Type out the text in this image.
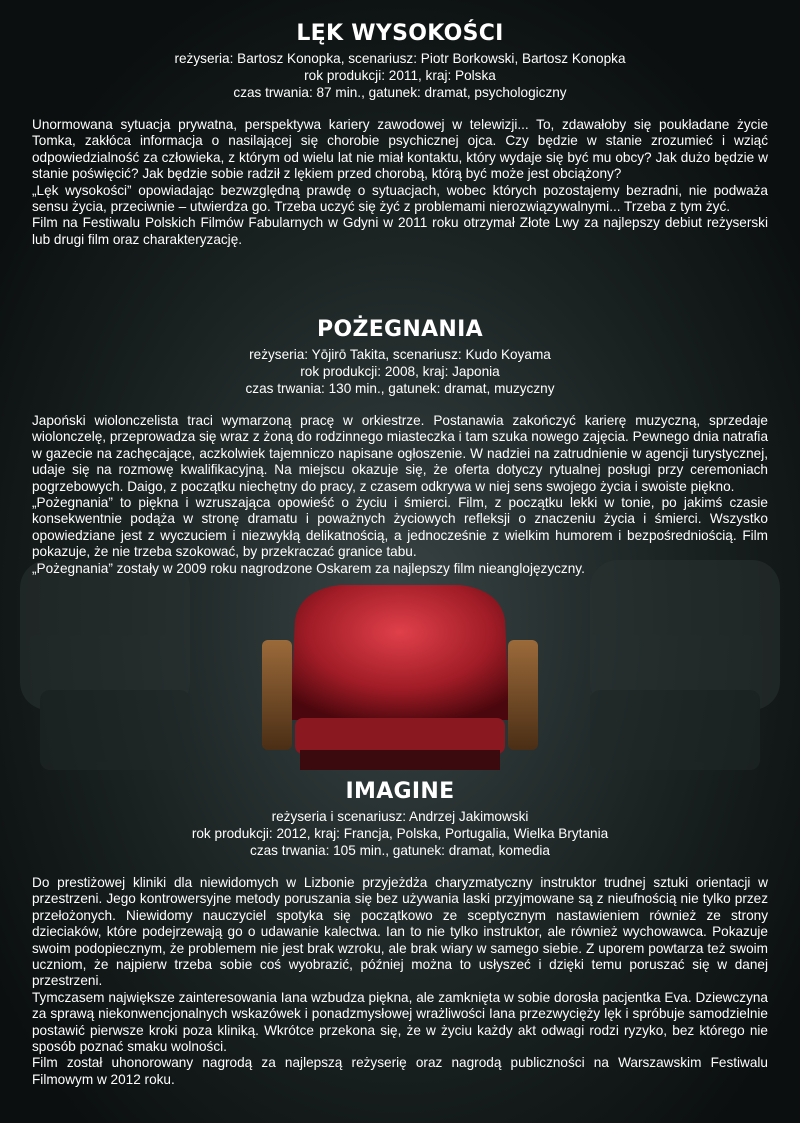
LĘK WYSOKOŚCI

reżyseria: Bartosz Konopka, scenariusz: Piotr Borkowski, Bartosz Konopka

rok produkcji: 2011, kraj: Polska

czas trwania: 87 min., gatunek: dramat, psychologiczny

Unormowana sytuacja prywatna, perspektywa kariery zawodowej w telewizji... To, zdawałoby się poukładane życie Tomka, zakłóca informacja o nasilającej się chorobie psychicznej ojca. Czy będzie w stanie zrozumieć i wziąć odpowiedzialność za człowieka, z którym od wielu lat nie miał kontaktu, który wydaje się być mu obcy? Jak dużo będzie w stanie poświęcić? Jak będzie sobie radził z lękiem przed chorobą, którą być może jest obciążony?

„Lęk wysokości” opowiadając bezwzględną prawdę o sytuacjach, wobec których pozostajemy bezradni, nie podważa sensu życia, przeciwnie – utwierdza go. Trzeba uczyć się żyć z problemami nierozwiązywalnymi... Trzeba z tym żyć.

Film na Festiwalu Polskich Filmów Fabularnych w Gdyni w 2011 roku otrzymał Złote Lwy za najlepszy debiut reżyserski lub drugi film oraz charakteryzację.

POŻEGNANIA

reżyseria: Yōjirō Takita, scenariusz: Kudo Koyama

rok produkcji: 2008, kraj: Japonia

czas trwania: 130 min., gatunek: dramat, muzyczny

Japoński wiolonczelista traci wymarzoną pracę w orkiestrze. Postanawia zakończyć karierę muzyczną, sprzedaje wiolonczelę, przeprowadza się wraz z żoną do rodzinnego miasteczka i tam szuka nowego zajęcia. Pewnego dnia natrafia w gazecie na zachęcające, aczkolwiek tajemniczo napisane ogłoszenie. W nadziei na zatrudnienie w agencji turystycznej, udaje się na rozmowę kwalifikacyjną. Na miejscu okazuje się, że oferta dotyczy rytualnej posługi przy ceremoniach pogrzebowych. Daigo, z początku niechętny do pracy, z czasem odkrywa w niej sens swojego życia i swoiste piękno.

„Pożegnania” to piękna i wzruszająca opowieść o życiu i śmierci. Film, z początku lekki w tonie, po jakimś czasie konsekwentnie podąża w stronę dramatu i poważnych życiowych refleksji o znaczeniu życia i śmierci. Wszystko opowiedziane jest z wyczuciem i niezwykłą delikatnością, a jednocześnie z wielkim humorem i bezpośredniością. Film pokazuje, że nie trzeba szokować, by przekraczać granice tabu.

„Pożegnania” zostały w 2009 roku nagrodzone Oskarem za najlepszy film nieanglojęzyczny.

IMAGINE

reżyseria i scenariusz: Andrzej Jakimowski

rok produkcji: 2012, kraj: Francja, Polska, Portugalia, Wielka Brytania

czas trwania: 105 min., gatunek: dramat, komedia

Do prestiżowej kliniki dla niewidomych w Lizbonie przyjeżdża charyzmatyczny instruktor trudnej sztuki orientacji w przestrzeni. Jego kontrowersyjne metody poruszania się bez używania laski przyjmowane są z nieufnością nie tylko przez przełożonych. Niewidomy nauczyciel spotyka się początkowo ze sceptycznym nastawieniem również ze strony dzieciaków, które podejrzewają go o udawanie kalectwa. Ian to nie tylko instruktor, ale również wychowawca. Pokazuje swoim podopiecznym, że problemem nie jest brak wzroku, ale brak wiary w samego siebie. Z uporem powtarza też swoim uczniom, że najpierw trzeba sobie coś wyobrazić, później można to usłyszeć i dzięki temu poruszać się w danej przestrzeni.

Tymczasem największe zainteresowania Iana wzbudza piękna, ale zamknięta w sobie dorosła pacjentka Eva. Dziewczyna za sprawą niekonwencjonalnych wskazówek i ponadzmysłowej wrażliwości Iana przezwycięży lęk i spróbuje samodzielnie postawić pierwsze kroki poza kliniką. Wkrótce przekona się, że w życiu każdy akt odwagi rodzi ryzyko, bez którego nie sposób poznać smaku wolności.

Film został uhonorowany nagrodą za najlepszą reżyserię oraz nagrodą publiczności na Warszawskim Festiwalu Filmowym w 2012 roku.
